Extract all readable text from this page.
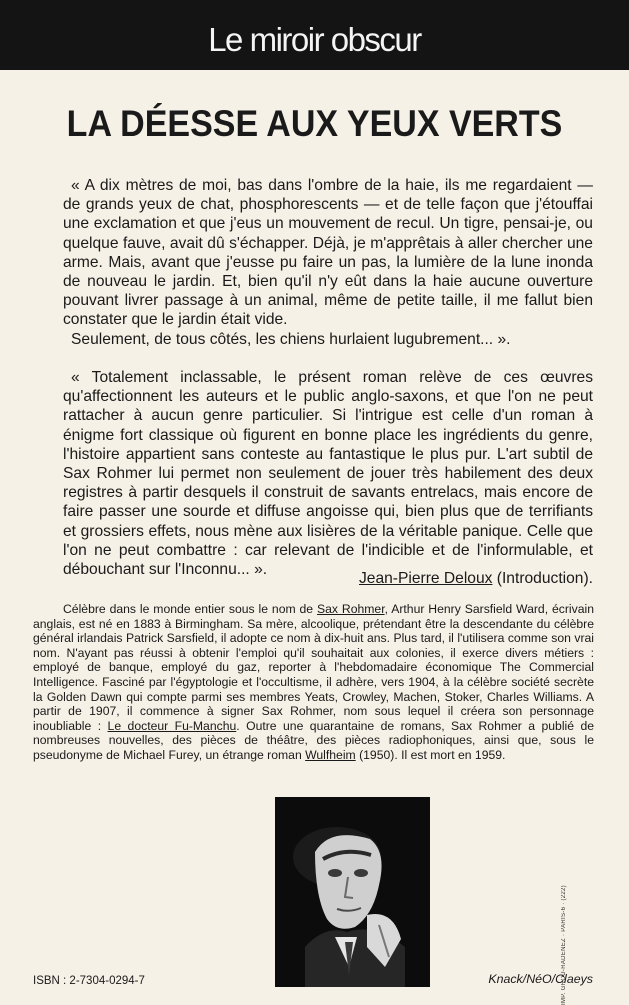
Le miroir obscur
LA DÉESSE AUX YEUX VERTS

« A dix mètres de moi, bas dans l'ombre de la haie, ils me regardaient — de grands yeux de chat, phosphorescents — et de telle façon que j'étouffai une exclamation et que j'eus un mouvement de recul. Un tigre, pensai-je, ou quelque fauve, avait dû s'échapper. Déjà, je m'apprêtais à aller chercher une arme. Mais, avant que j'eusse pu faire un pas, la lumière de la lune inonda de nouveau le jardin. Et, bien qu'il n'y eût dans la haie aucune ouverture pouvant livrer passage à un animal, même de petite taille, il me fallut bien constater que le jardin était vide.

Seulement, de tous côtés, les chiens hurlaient lugubrement... ».

« Totalement inclassable, le présent roman relève de ces œuvres qu'affectionnent les auteurs et le public anglo-saxons, et que l'on ne peut rattacher à aucun genre particulier. Si l'intrigue est celle d'un roman à énigme fort classique où figurent en bonne place les ingrédients du genre, l'histoire appartient sans conteste au fantastique le plus pur. L'art subtil de Sax Rohmer lui permet non seulement de jouer très habilement des deux registres à partir desquels il construit de savants entrelacs, mais encore de faire passer une sourde et diffuse angoisse qui, bien plus que de terrifiants et grossiers effets, nous mène aux lisières de la véritable panique. Celle que l'on ne peut combattre : car relevant de l'indicible et de l'informulable, et débouchant sur l'Inconnu... ».

Jean-Pierre Deloux (Introduction).
Célèbre dans le monde entier sous le nom de Sax Rohmer, Arthur Henry Sarsfield Ward, écrivain anglais, est né en 1883 à Birmingham. Sa mère, alcoolique, prétendant être la descendante du célèbre général irlandais Patrick Sarsfield, il adopte ce nom à dix-huit ans. Plus tard, il l'utilisera comme son vrai nom. N'ayant pas réussi à obtenir l'emploi qu'il souhaitait aux colonies, il exerce divers métiers : employé de banque, employé du gaz, reporter à l'hebdomadaire économique The Commercial Intelligence. Fasciné par l'égyptologie et l'occultisme, il adhère, vers 1904, à la célèbre société secrète la Golden Dawn qui compte parmi ses membres Yeats, Crowley, Machen, Stoker, Charles Williams. A partir de 1907, il commence à signer Sax Rohmer, nom sous lequel il créera son personnage inoubliable : Le docteur Fu-Manchu. Outre une quarantaine de romans, Sax Rohmer a publié de nombreuses nouvelles, des pièces de théâtre, des pièces radiophoniques, ainsi que, sous le pseudonyme de Michael Furey, un étrange roman Wulfheim (1950). Il est mort en 1959.
IMP. GROU-RADENEZ · PARIS-6 · (222)
ISBN : 2-7304-0294-7	Knack/NéO/Claeys
